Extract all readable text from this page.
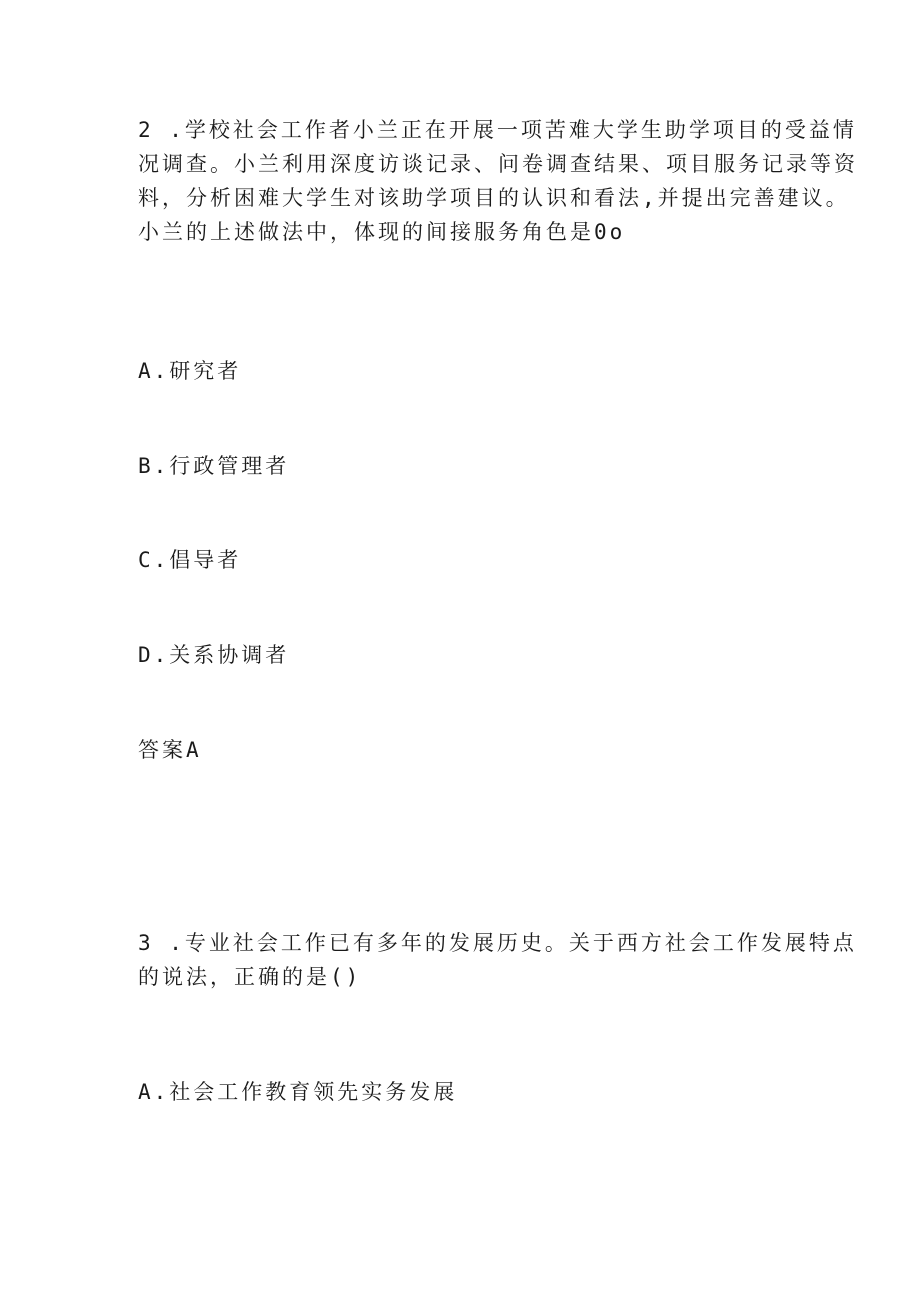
2 .学校社会工作者小兰正在开展一项苦难大学生助学项目的受益情
况调查。小兰利用深度访谈记录、问卷调查结果、项目服务记录等资
料，分析困难大学生对该助学项目的认识和看法,并提出完善建议。
小兰的上述做法中，体现的间接服务角色是0o

A.研究者

B.行政管理者

C.倡导者

D.关系协调者

答案A

3 .专业社会工作已有多年的发展历史。关于西方社会工作发展特点
的说法，正确的是()

A.社会工作教育领先实务发展
